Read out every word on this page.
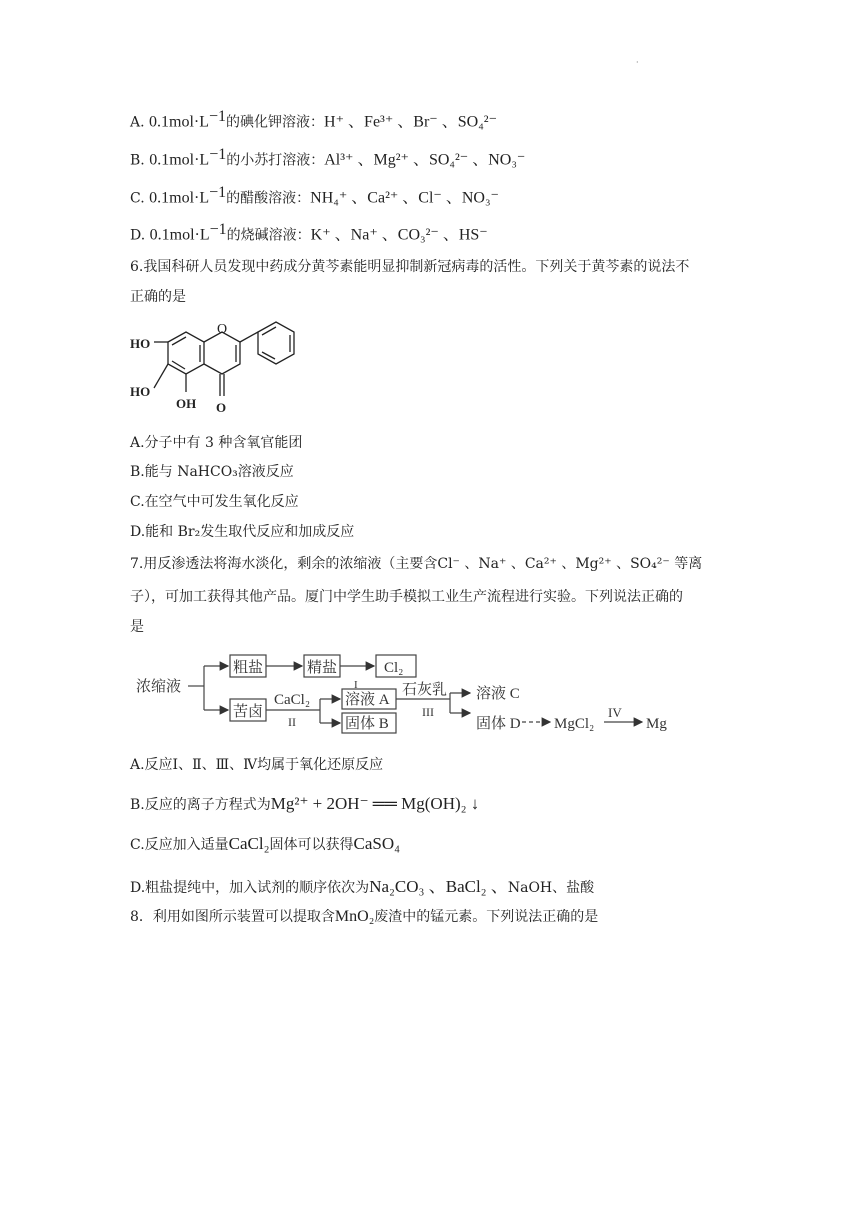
·
A. $0.1mol\cdot L^{-1}$的碘化钾溶液：H⁺ 、Fe³⁺ 、Br⁻ 、SO₄²⁻
B. $0.1mol\cdot L^{-1}$的小苏打溶液：Al³⁺ 、Mg²⁺ 、SO₄²⁻ 、NO₃⁻
C. $0.1mol\cdot L^{-1}$的醋酸溶液：NH₄⁺ 、Ca²⁺ 、Cl⁻ 、NO₃⁻
D. $0.1mol\cdot L^{-1}$的烧碱溶液：K⁺ 、Na⁺ 、CO₃²⁻ 、HS⁻
6.我国科研人员发现中药成分黄芩素能明显抑制新冠病毒的活性。下列关于黄芩素的说法不
正确的是
HO
HO
OH
O
O
A.分子中有 3 种含氧官能团
B.能与 NaHCO₃溶液反应
C.在空气中可发生氧化反应
D.能和 Br₂发生取代反应和加成反应
7.用反渗透法将海水淡化，剩余的浓缩液（主要含Cl⁻ 、Na⁺ 、Ca²⁺ 、Mg²⁺ 、SO₄²⁻ 等离
子），可加工获得其他产品。厦门中学生助手模拟工业生产流程进行实验。下列说法正确的
是
浓缩液
粗盐	精盐	Cl₂
I
苦卤
CaCl₂
II
溶液 A
固体 B
石灰乳
III
溶液 C
固体 D MgCl₂
IV
Mg
A.反应Ⅰ、Ⅱ、Ⅲ、Ⅳ均属于氧化还原反应
B.反应的离子方程式为Mg²⁺ + 2OH⁻ ══ Mg(OH)₂ ↓
C.反应加入适量CaCl₂固体可以获得CaSO₄
D.粗盐提纯中，加入试剂的顺序依次为Na₂CO₃ 、BaCl₂ 、NaOH、盐酸
8．利用如图所示装置可以提取含MnO₂废渣中的锰元素。下列说法正确的是
